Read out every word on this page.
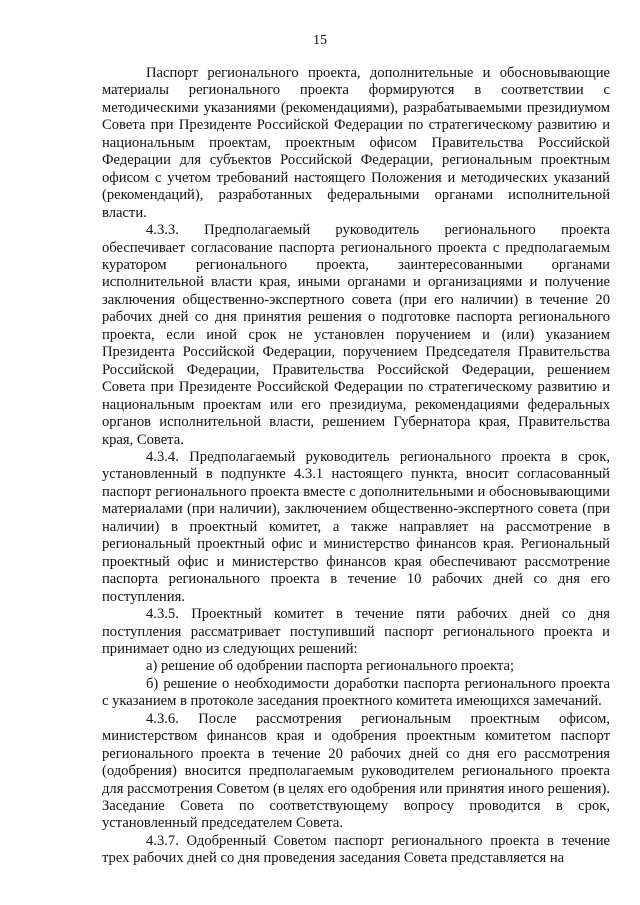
15

Паспорт регионального проекта, дополнительные и обосновывающие материалы регионального проекта формируются в соответствии с методическими указаниями (рекомендациями), разрабатываемыми президиумом Совета при Президенте Российской Федерации по стратегическому развитию и национальным проектам, проектным офисом Правительства Российской Федерации для субъектов Российской Федерации, региональным проектным офисом с учетом требований настоящего Положения и методических указаний (рекомендаций), разработанных федеральными органами исполнительной власти.

4.3.3. Предполагаемый руководитель регионального проекта обеспечивает согласование паспорта регионального проекта с предполагаемым куратором регионального проекта, заинтересованными органами исполнительной власти края, иными органами и организациями и получение заключения общественно-экспертного совета (при его наличии) в течение 20 рабочих дней со дня принятия решения о подготовке паспорта регионального проекта, если иной срок не установлен поручением и (или) указанием Президента Российской Федерации, поручением Председателя Правительства Российской Федерации, Правительства Российской Федерации, решением Совета при Президенте Российской Федерации по стратегическому развитию и национальным проектам или его президиума, рекомендациями федеральных органов исполнительной власти, решением Губернатора края, Правительства края, Совета.

4.3.4. Предполагаемый руководитель регионального проекта в срок, установленный в подпункте 4.3.1 настоящего пункта, вносит согласованный паспорт регионального проекта вместе с дополнительными и обосновывающими материалами (при наличии), заключением общественно-экспертного совета (при наличии) в проектный комитет, а также направляет на рассмотрение в региональный проектный офис и министерство финансов края. Региональный проектный офис и министерство финансов края обеспечивают рассмотрение паспорта регионального проекта в течение 10 рабочих дней со дня его поступления.

4.3.5. Проектный комитет в течение пяти рабочих дней со дня поступления рассматривает поступивший паспорт регионального проекта и принимает одно из следующих решений:

а) решение об одобрении паспорта регионального проекта;

б) решение о необходимости доработки паспорта регионального проекта с указанием в протоколе заседания проектного комитета имеющихся замечаний.

4.3.6. После рассмотрения региональным проектным офисом, министерством финансов края и одобрения проектным комитетом паспорт регионального проекта в течение 20 рабочих дней со дня его рассмотрения (одобрения) вносится предполагаемым руководителем регионального проекта для рассмотрения Советом (в целях его одобрения или принятия иного решения). Заседание Совета по соответствующему вопросу проводится в срок, установленный председателем Совета.

4.3.7. Одобренный Советом паспорт регионального проекта в течение трех рабочих дней со дня проведения заседания Совета представляется на
